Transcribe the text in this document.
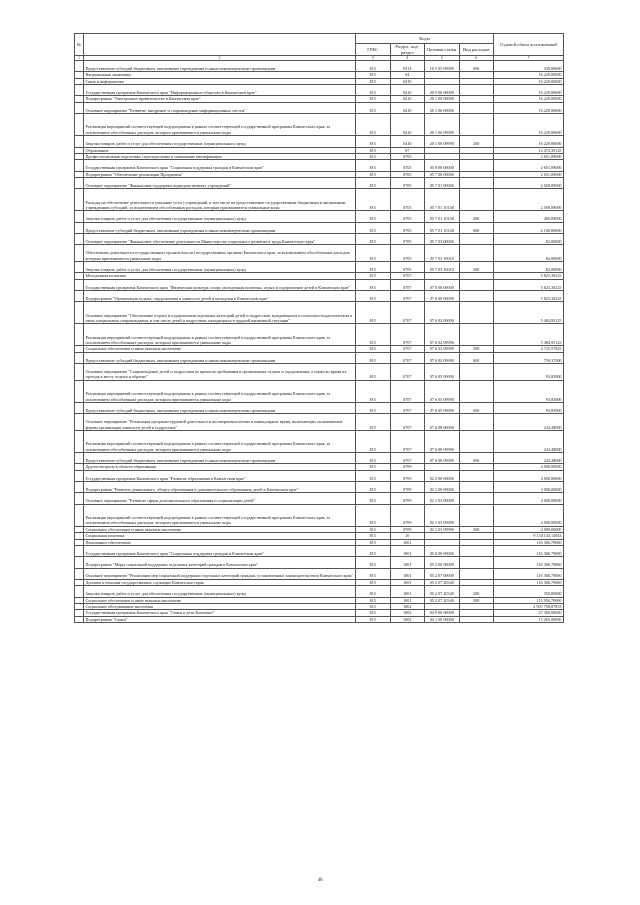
№		Коды				Годовой объем ассигнований
		ГРБС	Раздел, под-раздел	Целевая статья	Вид расходов	
1	2	3	4	5	6	7
	Предоставление субсидий бюджетным, автономным учреждениям и иным некоммерческим организациям	815	0314	16 5 05 09990	600	330,00000
	Национальная экономика	815	04			16 220,00000
	Связь и информатика	815	0410			16 220,00000
	Государственная программа Камчатского края "Информационное общество в Камчатском крае"	815	0410	20 0 00 00000		16 220,00000
	Подпрограмма "Электронное правительство в Камчатском крае"	815	0410	20 1 00 00000		16 220,00000
	Основное мероприятие "Развитие, внедрение и сопровождение информационных систем"	815	0410	20 1 06 00000		16 220,00000
	Реализация мероприятий соответствующей подпрограммы в рамках соответствующей государственной программы Камчатского края, за исключением обособленных расходов, которым присваиваются уникальные коды	815	0410	20 1 06 09990		16 220,00000
	Закупка товаров, работ и услуг для обеспечения государственных (муниципальных) нужд	815	0410	20 1 06 09990	200	16 220,00000
	Образование	815	07			12 474,39125
	Профессиональная подготовка, переподготовка и повышение квалификации	815	0705			2 651,09000
	Государственная программа Камчатского края "Социальная поддержка граждан в Камчатском крае"	815	0705	05 0 00 00000		2 651,09000
	Подпрограмма "Обеспечение реализации Программы"	815	0705	05 7 00 00000		2 651,09000
	Основное мероприятие "Финансовая поддержка подведомственных учреждений"	815	0705	05 7 01 00000		2 569,09000
	Расходы на обеспечение деятельности (оказание услуг) учреждений, в том числе на предоставление государственным бюджетным и автономным учреждениям субсидий, за исключением обособленных расходов, которым присваиваются уникальные коды	815	0705	05 7 01 10140		2 569,09000
	Закупка товаров, работ и услуг для обеспечения государственных (муниципальных) нужд	815	0705	05 7 01 10140	200	469,09000
	Предоставление субсидий бюджетным, автономным учреждениям и иным некоммерческим организациям	815	0705	05 7 01 10140	600	2 100,00000
	Основное мероприятие "Финансовое обеспечение деятельности Министерства социального развития и труда Камчатского края"	815	0705	05 7 03 00000		82,00000
	Обеспечение деятельности государственных органов власти (государственных органов) Камчатского края, за исключением обособленных расходов, которым присваиваются уникальные коды	815	0705	05 7 03 10010		82,00000
	Закупка товаров, работ и услуг для обеспечения государственных (муниципальных) нужд	815	0705	05 7 03 10010	200	82,00000
	Молодежная политика	815	0707			5 823,30225
	Государственная программа Камчатского края "Физическая культура, спорт, молодежная политика, отдых и оздоровление детей в Камчатском крае"	815	0707	07 0 00 00000		5 823,30225
	Подпрограмма "Организация отдыха, оздоровления и занятости детей и молодежи в Камчатском крае"	815	0707	07 6 00 00000		5 823,30225
	Основное мероприятие "Обеспечение отдыха и оздоровления отдельных категорий детей и подростков, нуждающихся в психолого-педагогическом и ином специальном сопровождении, в том числе детей и подростков, находящихся в трудной жизненной ситуации"	815	0707	07 6 02 00000		5 484,95125
	Реализация мероприятий соответствующей подпрограммы в рамках соответствующей государственной программы Камчатского края, за исключением обособленных расходов, которым присваиваются уникальные коды	815	0707	07 6 02 09990		5 484,95125
	Социальное обеспечение и иные выплаты населению	815	0707	07 6 02 09990	300	4 725,57825
	Предоставление субсидий бюджетным, автономным учреждениям и иным некоммерческим организациям	815	0707	07 6 02 09990	600	759,37300
	Основное мероприятие "Сопровождение детей и подростков во время их пребывания в организациях отдыха и оздоровления, а также во время их проезда к месту отдыха и обратно"	815	0707	07 6 05 00000		93,85000
	Реализация мероприятий соответствующей подпрограммы в рамках соответствующей государственной программы Камчатского края, за исключением обособленных расходов, которым присваиваются уникальные коды	815	0707	07 6 05 09990		93,85000
	Предоставление субсидий бюджетным, автономным учреждениям и иным некоммерческим организациям	815	0707	07 6 05 09990	600	93,85000
	Основное мероприятие "Реализация программ трудовой деятельности несовершеннолетних в каникулярное время, включающих оплачиваемые формы организации занятости детей и подростков"	815	0707	07 6 08 00000		244,48000
	Реализация мероприятий соответствующей подпрограммы в рамках соответствующей государственной программы Камчатского края, за исключением обособленных расходов, которым присваиваются уникальные коды	815	0707	07 6 08 09990		244,48000
	Предоставление субсидий бюджетным, автономным учреждениям и иным некоммерческим организациям	815	0707	07 6 08 09990	600	244,48000
	Другие вопросы в области образования	815	0709			4 000,00000
	Государственная программа Камчатского края "Развитие образования в Камчатском крае"	815	0709	02 0 00 00000		4 000,00000
	Подпрограмма "Развитие дошкольного, общего образования и дополнительного образования детей в Камчатском крае"	815	0709	02 1 00 00000		4 000,00000
	Основное мероприятие "Развитие сферы дополнительного образования и социализации детей"	815	0709	02 1 03 00000		4 000,00000
	Реализация мероприятий соответствующей подпрограммы в рамках соответствующей государственной программы Камчатского края, за исключением обособленных расходов, которым присваиваются уникальные коды	815	0709	02 1 03 09990		4 000,00000
	Социальное обеспечение и иные выплаты населению	815	0709	02 1 03 09990	300	4 000,00000
	Социальная политика	815	10			9 134 143,14943
	Пенсионное обеспечение	815	1001			116 306,79000
	Государственная программа Камчатского края "Социальная поддержка граждан в Камчатском крае"	815	1001	05 0 00 00000		116 306,79000
	Подпрограмма "Меры социальной поддержки отдельных категорий граждан в Камчатском крае"	815	1001	05 2 00 00000		116 306,79000
	Основное мероприятие "Реализация мер социальной поддержки отдельных категорий граждан, установленных законодательством Камчатского края"	815	1001	05 2 07 00000		116 306,79000
	Доплаты к пенсиям государственных служащих Камчатского края	815	1001	05 2 07 20340		116 306,79000
	Закупка товаров, работ и услуг для обеспечения государственных (муниципальных) нужд	815	1001	05 2 07 20340	200	350,00000
	Социальное обеспечение и иные выплаты населению	815	1001	05 2 07 20340	300	115 956,79000
	Социальное обслуживание населения	815	1002			2 907 758,87853
	Государственная программа Камчатского края "Семья и дети Камчатки"	815	1002	04 0 00 00000		27 380,00000
	Подпрограмма "Семья"	815	1002	04 1 00 00000		15 265,00000
46
